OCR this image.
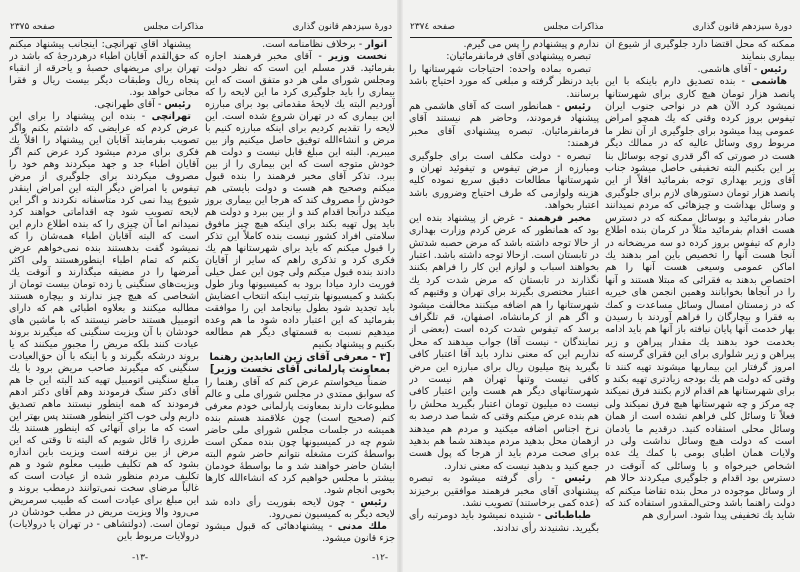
دورهٔ سیزدهم قانون گذاری
مذاکرات مجلس
صفحه ۲۳۷۵

انوار - برخلاف نظامنامه است.

نخست وزیر - آقای مخبر فرهمند اجازه بفرمائید. قدر مسلم این است که نظر دولت ومجلس شورای ملی هر دو متفق است که این بیماری را باید جلوگیری کرد ما این لایحه را که آوردیم البته یك لایحهٔ مقدماتی بود برای مبارزه این بیماری که در تهران شروع شده است. این لایحه را تقدیم کردیم برای اینکه مبارزه کنیم با مرض و انشاءالله توفیق حاصل میکنیم واز بین میبریم. البته این مبلغ قابل نیست و دولت هم خودش متوجه است که این بیماری را از بین ببرد. تذکر آقای مخبر فرهمند را بنده قبول میکنم وصحیح هم هست و دولت بایستی هم خودش را مصروف کند که هرجا این بیماری بروز میکند درآنجا اقدام کند و از بین ببرد و دولت هم باید پول تهیه بکند برای اینکه هیچ چیز مافوق سلامتی افراد کشور نیست بنده کاملاً این تذکر را قبول میکنم که باید برای شهرستانها هم یك فکری کرد و تذکری راهم که سایر از آقایان دادند بنده قبول میکنم ولی چون این عمل خیلی فوریت دارد میادا برود به کمیسیونها وباز طول بکشد و کمیسیونها بترتیب اینکه انتخاب اعضایش باید تجدید شود بطول بیانجامد این را موافقت بفرمائید که این اعتبار داده شود ما هم وعده میدهیم نسبت به قسمتهای دیگر هم مطالعه بکنیم و پیشنهاد بکنیم

[۳ - معرفی آقای زین العابدین رهنما بمعاونت پارلمانی آقای نخست وزیر]

ضمناً میخواستم عرض کنم که آقای رهنما را که سوابق ممتدی در مجلس شورای ملی و عالم مطبوعات دارند بمعاونت پارلمانی خودم معرفی کنم (صحیح است) چون علاقمند هستم بنده همیشه در جلسات مجلس شورای ملی حاضر شوم چه در کمیسیونها چون بنده ممکن است بواسطهٔ کثرت مشغله نتوانم حاضر شوم البته ایشان حاضر خواهند شد و ما بواسطهٔ خودمان بیشتر با مجلس خواهیم کرد که انشاءالله کارها بخوبی انجام شود.

رئیس - چون لایحه بفوریت رأی داده شد لایحه دیگر به کمیسیون نمی‌رود.

ملك مدنی - پیشنهادهائی که قبول میشود جزء قانون میشود.

پیشنهاد آقای تهرانچی: اینجانب پیشنهاد میکنم که حق‌القدم آقایان اطباء درهردرجهٔ که باشد در تهران برای مریضهای حصبهٔ و یاحرقه از انقباء پنجاه ریال وطبقات دیگر بیست ریال و فقرا مجانی خواهد بود.

رئیس - آقای طهرانچی.

تهرانچی - بنده این پیشنهاد را برای این عرض کردم که عرایضی که داشتم بکنم واگر تصویب بفرمایند آقایان این پیشنهاد را اقلاً یك فکری برای مردم میشود کرد عرض کنم اگر آقایان اطباء جد و جهد میکردند وهم خود را مصروف میکردند برای جلوگیری از مرض تیفوس یا امراض دیگر البته این امراض اینقدر شیوع پیدا نمی کرد متأسفانه نکردند و اگر این لایحه تصویب شود چه اقداماتی خواهند کرد نمیدانم اما آن چیزی را که بنده اطلاع دارم این است که البته آقایان اطباء همه‌شان را که نمیشود گفت بدهستند بنده نمی‌خواهم عرض بکنم که تمام اطباء اینطورهستند ولی اکثر آمرضها را در مضیقه میگذارند و آنوقت یك ویزیت‌های سنگینی یا زده تومان بیست تومان از اشخاصی که هیچ چیز ندارند و بیچاره هستند مطالبه میکنند و بعلاوه اطبائی هم که دارای اتومبیل هستند حاضر نیستند که با ماشین های خودشان با آن ویزیت سنگینی که میگیرند بروند عیادت کنند بلکه مریض را مجبور میکنند که یا بروند درشکه بگیرند و یا اینکه با آن حق‌العیادت سنگینی که میگیرند صاحب مریض برود با یك مبلغ سنگینی اتومبیل تهیه کند البته این جا هم آقای دکتر سنگ فرمودند وهم آقای دکتر ادهم فرمودند که همه اینطور نیستند ماهم تصدیق داریم ولی خوب اکثر اینطور هستند پس بهتر این است که ما برای آنهائی که اینطور هستند یك طرزی را قائل شویم که البته تا وقتی که این مرض از بین نرفته است ویزیت باین اندازه بشود که هم تکلیف طبیب معلوم شود و هم تکلیف مردم منظور شده از عیادت است که غالباً مرضای سخت نمی‌توانند درمطب بروند و این مبلغ برای عیادت است که طبیب سرمریض می‌رود والا ویزیت مریض در مطب خودشان در تومان است. (دولتشاهی - در تهران یا درولایات) درولایات مربوط باین

-۱۳-
دورهٔ سیزدهم قانون گذاری
مذاکرات مجلس
صفحه ۲۳۷٤

ممکنه که محل اقتضا دارد جلوگیری از شیوع آن بیماری بنمایند

رئیس - آقای هاشمی.

هاشمی - بنده تصدیق دارم باینکه با این پانصد هزار تومان هیچ کاری برای شهرستانها نمیشود کرد الآن هم در نواحی جنوب ایران تیفوس بروز کرده وقتی که یك همچو امراض عمومی پیدا میشود برای جلوگیری از آن نظر ما مربوط روی وسائل عالیه که در ممالك دیگر هست در صورتی که اگر قدری توجه بوسائل بنا بر این بکنیم البته تخفیفی حاصل میشود جناب آقای وزیر بهداری توجه بفرمائید اقلاً از این پانصد هزار تومان دستورهای لازم برای جلوگیری و وسائل بهداشت و چیزهائی که مردم نمیدانند صادر بفرمائید و بوسائل ممکنه که در دسترس هست اقدام بفرمائید مثلاً در کرمان بنده اطلاع دارم که تیفوس بروز کرده دو سه مریضخانه در آنجا هست آنها را تخصیص باین امر بدهند یك اماکن عمومی وسیعی هست آنها را هم اختصاص بدهند به فقرائی که مبتلا هستند و آنها را در آنجاها بخوابانند وهمین انجمن های خیریه که در زمستان امسال وسائل مساعدت و کمك به فقرا و بیچارگان را فراهم آوردند با رسیدن بهار خدمت آنها پایان نیافته باز آنها هم باید ادامه بخدمت خود بدهند یك مقدار پیراهن و زیر پیراهن و زیر شلواری برای این فقرای گرسنه که امروز گرفتار این بیماریها میشوند تهیه کنند تا وقتی که دولت هم یك بودجه زیادتری تهیه بکند و برای شهرستانها هم اقدام لازم بکنند فرق نمیکند چه مرکز و چه شهرستانها هیچ فرق نمیکند ولی فعلاً تا وسائل کلی فراهم نشده است از همان وسائل محلی استفاده کنید. درقدیم ما یادمان است که دولت هیچ وسائل نداشت ولی در ولایات همان اطبای بومی با کمك یك عده اشخاص خیرخواه و با وسائلی که آنوقت در دسترس بود اقدام و جلوگیری میکردند حالا هم از وسائل موجوده در محل بنده تقاضا میکنم که دولت راهنما باشد وحتی‌المقدور استفاده کند که شاید یك تخفیفی پیدا شود. اسراری هم

ندارم و پیشنهادم را پس می گیرم.

تبصره پیشنهادی آقای فرمانفرمائیان:

تبصره بماده واحده: احتیاجات شهرستانها را باید درنظر گرفته و مبلغی که مورد احتیاج باشد برسانند.

رئیس - همانطور است که آقای هاشمی هم پیشنهاد فرمودند، وحاضر هم نیستند آقای فرمانفرمائیان. تبصره پیشنهادی آقای مخبر فرهمند:

تبصره - دولت مکلف است برای جلوگیری ومبارزه از مرض تیفوس و تیفوئید تهران و شهرستانها مطالعات دقیق سریع نموده کلیه هزینه ولوازمی که طرف احتیاج وضروری باشد اعتبار بخواهد.

مخبر فرهمند - غرض از پیشنهاد بنده این بود که همانطور که عرض کردم وزارت بهداری از حالا توجه داشته باشد که مرض حصبه شدتش در تابستان است. ازحالا توجه داشته باشد. اعتبار بخواهند اسباب و لوازم این کار را فراهم بکنند نگذارند در تابستان که مرض شدت کرد یك اعتبار مختصری بگیرند برای تهران و وقتیهم که شهرستانها را هم اضافه میکنند مخالفت میشود و اگر هم از کرمانشاه، اصفهان، قم تلگراف برسد که تیفوس شدت کرده است (بعضی از نمایندگان - نیست آقا) جواب میدهند که محل نداریم این که معنی ندارد باید آقا اعتبار کافی بگیرید پنج میلیون ریال برای مبارزه این مرض کافی نیست وتنها تهران هم نیست در شهرستانهای دیگر هم هست واین اعتبار کافی نیست ده میلیون تومان اعتبار بگیرید محلش را هم بنده عرض میکنم وقتی که شما صد درصد به نرخ اجناس اضافه میکنید و مردم هم میدهند ازهمان محل بدهید مردم میدهند شما هم بدهید برای صحت مردم باید از هرجا که پول هست جمع کنید و بدهید نیست که معنی ندارد.

رئیس - رأی گرفته میشود به تبصره پیشنهادی آقای مخبر فرهمند موافقین برخیزند (عده کمی برخاستند) تصویب نشد.

طباطبائی - شنیده نمیشود باید دومرتبه رأی بگیرید. نشنیدند رأی ندادند.

-۱۲-
